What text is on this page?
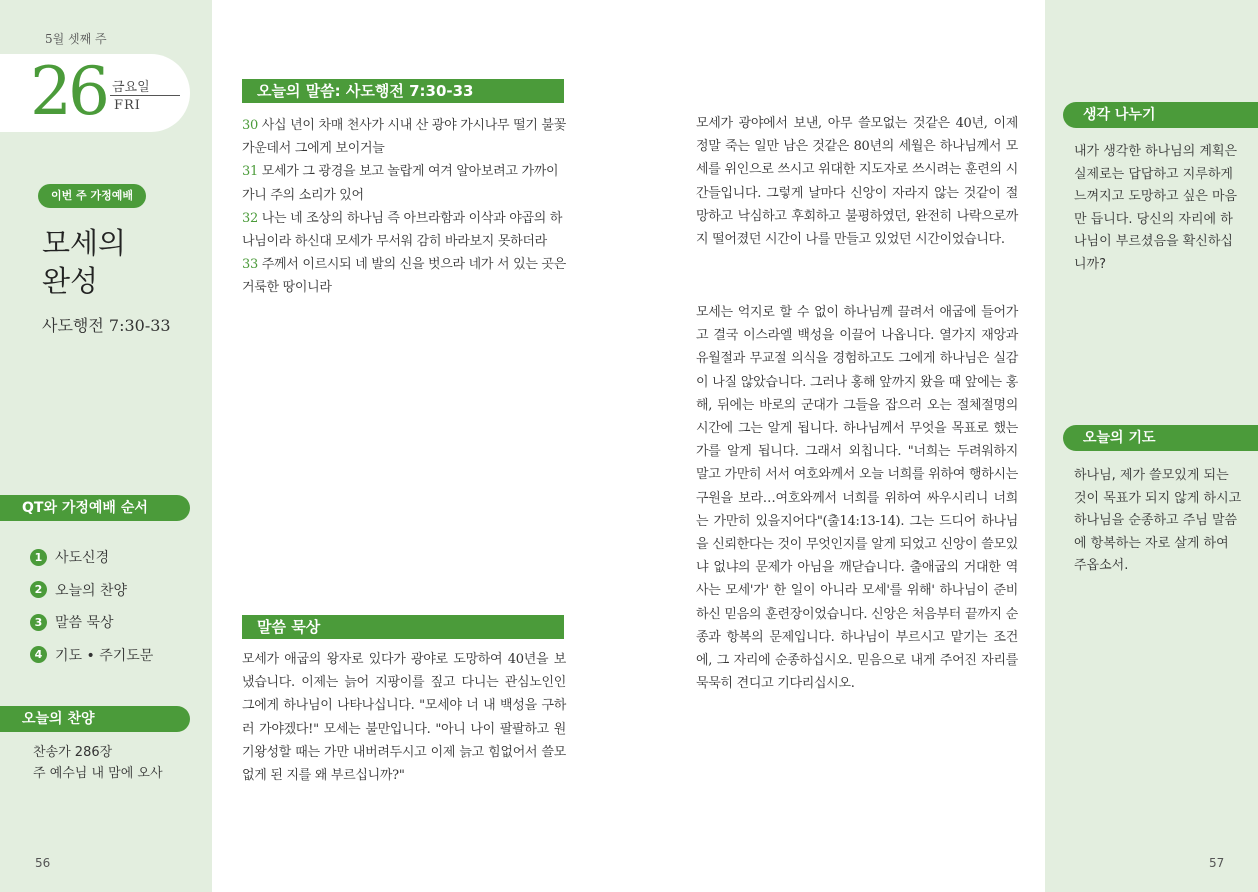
5월 셋째 주
26 금요일
FRI
이번 주 가정예배
모세의
완성
사도행전 7:30-33
QT와 가정예배 순서
1 사도신경
2 오늘의 찬양
3 말씀 묵상
4 기도 • 주기도문
오늘의 찬양
찬송가 286장
주 예수님 내 맘에 오사
56
오늘의 말씀: 사도행전 7:30-33
30 사십 년이 차매 천사가 시내 산 광야 가시나무 떨기 불꽃 가운데서 그에게 보이거늘
31 모세가 그 광경을 보고 놀랍게 여겨 알아보려고 가까이 가니 주의 소리가 있어
32 나는 네 조상의 하나님 즉 아브라함과 이삭과 야곱의 하나님이라 하신대 모세가 무서워 감히 바라보지 못하더라
33 주께서 이르시되 네 발의 신을 벗으라 네가 서 있는 곳은 거룩한 땅이니라
말씀 묵상
모세가 애굽의 왕자로 있다가 광야로 도망하여 40년을 보냈습니다. 이제는 늙어 지팡이를 짚고 다니는 관심노인인 그에게 하나님이 나타나십니다. "모세야 너 내 백성을 구하러 가야겠다!" 모세는 불만입니다. "아니 나이 팔팔하고 원기왕성할 때는 가만 내버려두시고 이제 늙고 힘없어서 쓸모없게 된 지를 왜 부르십니까?"
모세가 광야에서 보낸, 아무 쓸모없는 것같은 40년, 이제 정말 죽는 일만 남은 것같은 80년의 세월은 하나님께서 모세를 위인으로 쓰시고 위대한 지도자로 쓰시려는 훈련의 시간들입니다. 그렇게 날마다 신앙이 자라지 않는 것같이 절망하고 낙심하고 후회하고 불평하였던, 완전히 나락으로까지 떨어졌던 시간이 나를 만들고 있었던 시간이었습니다.
모세는 억지로 할 수 없이 하나님께 끌려서 애굽에 들어가고 결국 이스라엘 백성을 이끌어 나옵니다. 열가지 재앙과 유월절과 무교절 의식을 경험하고도 그에게 하나님은 실감이 나질 않았습니다. 그러나 홍해 앞까지 왔을 때 앞에는 홍해, 뒤에는 바로의 군대가 그들을 잡으러 오는 절체절명의 시간에 그는 알게 됩니다. 하나님께서 무엇을 목표로 했는가를 알게 됩니다. 그래서 외칩니다. "너희는 두려워하지 말고 가만히 서서 여호와께서 오늘 너희를 위하여 행하시는 구원을 보라…여호와께서 너희를 위하여 싸우시리니 너희는 가만히 있을지어다"(출14:13-14). 그는 드디어 하나님을 신뢰한다는 것이 무엇인지를 알게 되었고 신앙이 쓸모있냐 없냐의 문제가 아님을 깨닫습니다. 출애굽의 거대한 역사는 모세'가' 한 일이 아니라 모세'를 위해' 하나님이 준비하신 믿음의 훈련장이었습니다. 신앙은 처음부터 끝까지 순종과 항복의 문제입니다. 하나님이 부르시고 맡기는 조건에, 그 자리에 순종하십시오. 믿음으로 내게 주어진 자리를 묵묵히 견디고 기다리십시오.
생각 나누기
내가 생각한 하나님의 계획은 실제로는 답답하고 지루하게 느껴지고 도망하고 싶은 마음만 듭니다. 당신의 자리에 하나님이 부르셨음을 확신하십니까?
오늘의 기도
하나님, 제가 쓸모있게 되는 것이 목표가 되지 않게 하시고 하나님을 순종하고 주님 말씀에 항복하는 자로 살게 하여 주옵소서.
57
